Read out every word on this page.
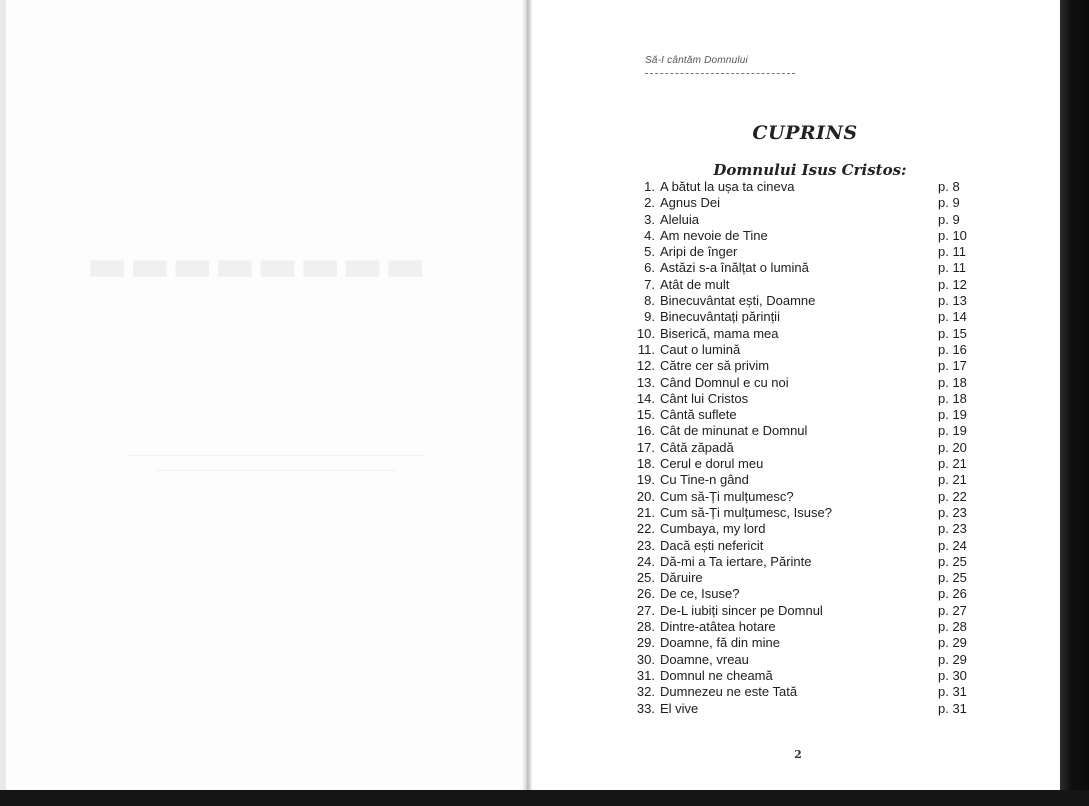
▬▬▬▬▬▬▬▬
Să-I cântăm Domnului
CUPRINS
Domnului Isus Cristos:
1. A bătut la ușa ta cineva	p. 8
2. Agnus Dei	p. 9
3. Aleluia	p. 9
4. Am nevoie de Tine	p. 10
5. Aripi de înger	p. 11
6. Astăzi s-a înălțat o lumină	p. 11
7. Atât de mult	p. 12
8. Binecuvântat ești, Doamne	p. 13
9. Binecuvântați părinții	p. 14
10. Biserică, mama mea	p. 15
11. Caut o lumină	p. 16
12. Către cer să privim	p. 17
13. Când Domnul e cu noi	p. 18
14. Cânt lui Cristos	p. 18
15. Cântă suflete	p. 19
16. Cât de minunat e Domnul	p. 19
17. Câtă zăpadă	p. 20
18. Cerul e dorul meu	p. 21
19. Cu Tine-n gând	p. 21
20. Cum să-Ți mulțumesc?	p. 22
21. Cum să-Ți mulțumesc, Isuse?	p. 23
22. Cumbaya, my lord	p. 23
23. Dacă ești nefericit	p. 24
24. Dă-mi a Ta iertare, Părinte	p. 25
25. Dăruire	p. 25
26. De ce, Isuse?	p. 26
27. De-L iubiți sincer pe Domnul	p. 27
28. Dintre-atâtea hotare	p. 28
29. Doamne, fă din mine	p. 29
30. Doamne, vreau	p. 29
31. Domnul ne cheamă	p. 30
32. Dumnezeu ne este Tată	p. 31
33. El vive	p. 31
2
